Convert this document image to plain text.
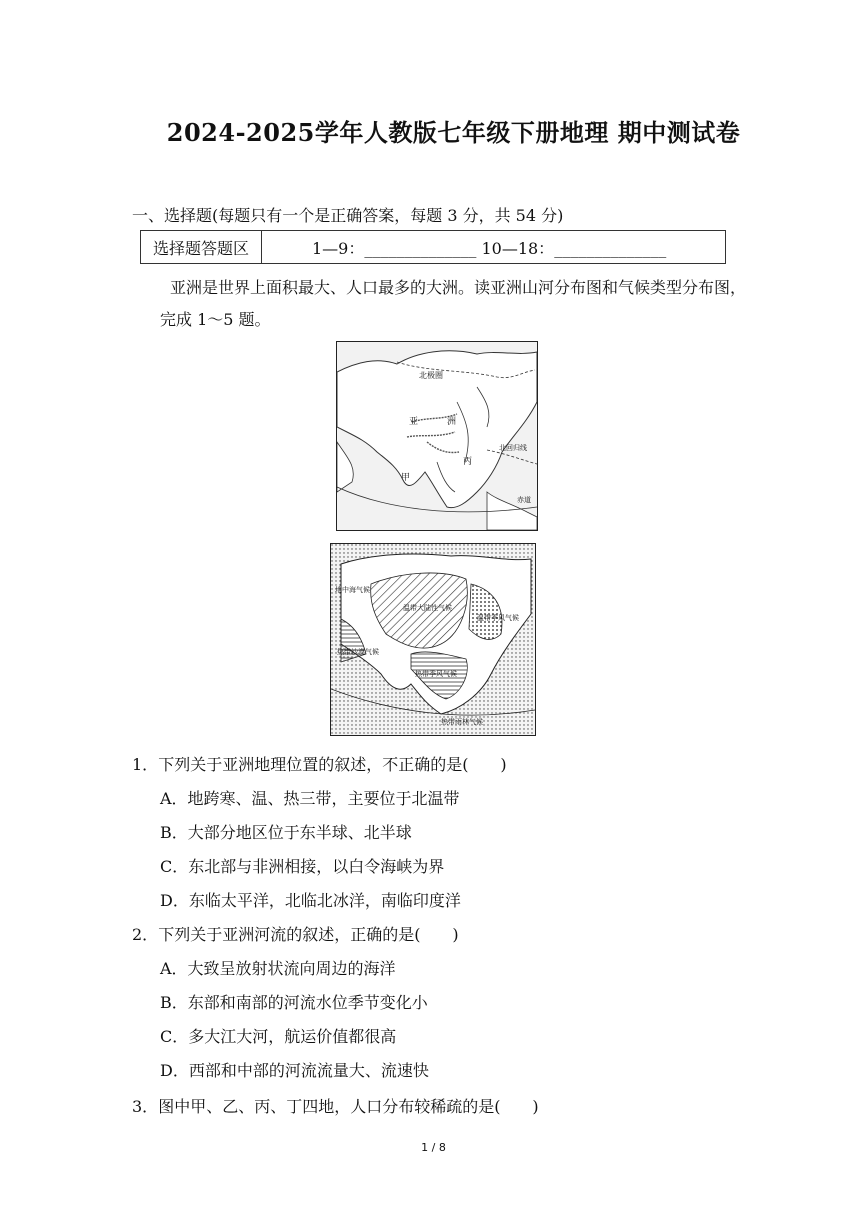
2024-2025学年人教版七年级下册地理 期中测试卷
一、选择题(每题只有一个是正确答案，每题 3 分，共 54 分)
选择题答题区	1—9：______________ 10—18：______________
亚洲是世界上面积最大、人口最多的大洲。读亚洲山河分布图和气候类型分布图，完成 1～5 题。
北极圈
亚	洲
丙
甲
北回归线
赤道
地中海气候
温带大陆性气候
温带季风气候
热带沙漠气候
热带季风气候
热带雨林气候
1．下列关于亚洲地理位置的叙述，不正确的是(　　)
A．地跨寒、温、热三带，主要位于北温带
B．大部分地区位于东半球、北半球
C．东北部与非洲相接，以白令海峡为界
D．东临太平洋，北临北冰洋，南临印度洋
2．下列关于亚洲河流的叙述，正确的是(　　)
A．大致呈放射状流向周边的海洋
B．东部和南部的河流水位季节变化小
C．多大江大河，航运价值都很高
D．西部和中部的河流流量大、流速快
3．图中甲、乙、丙、丁四地，人口分布较稀疏的是(　　)
1 / 8
